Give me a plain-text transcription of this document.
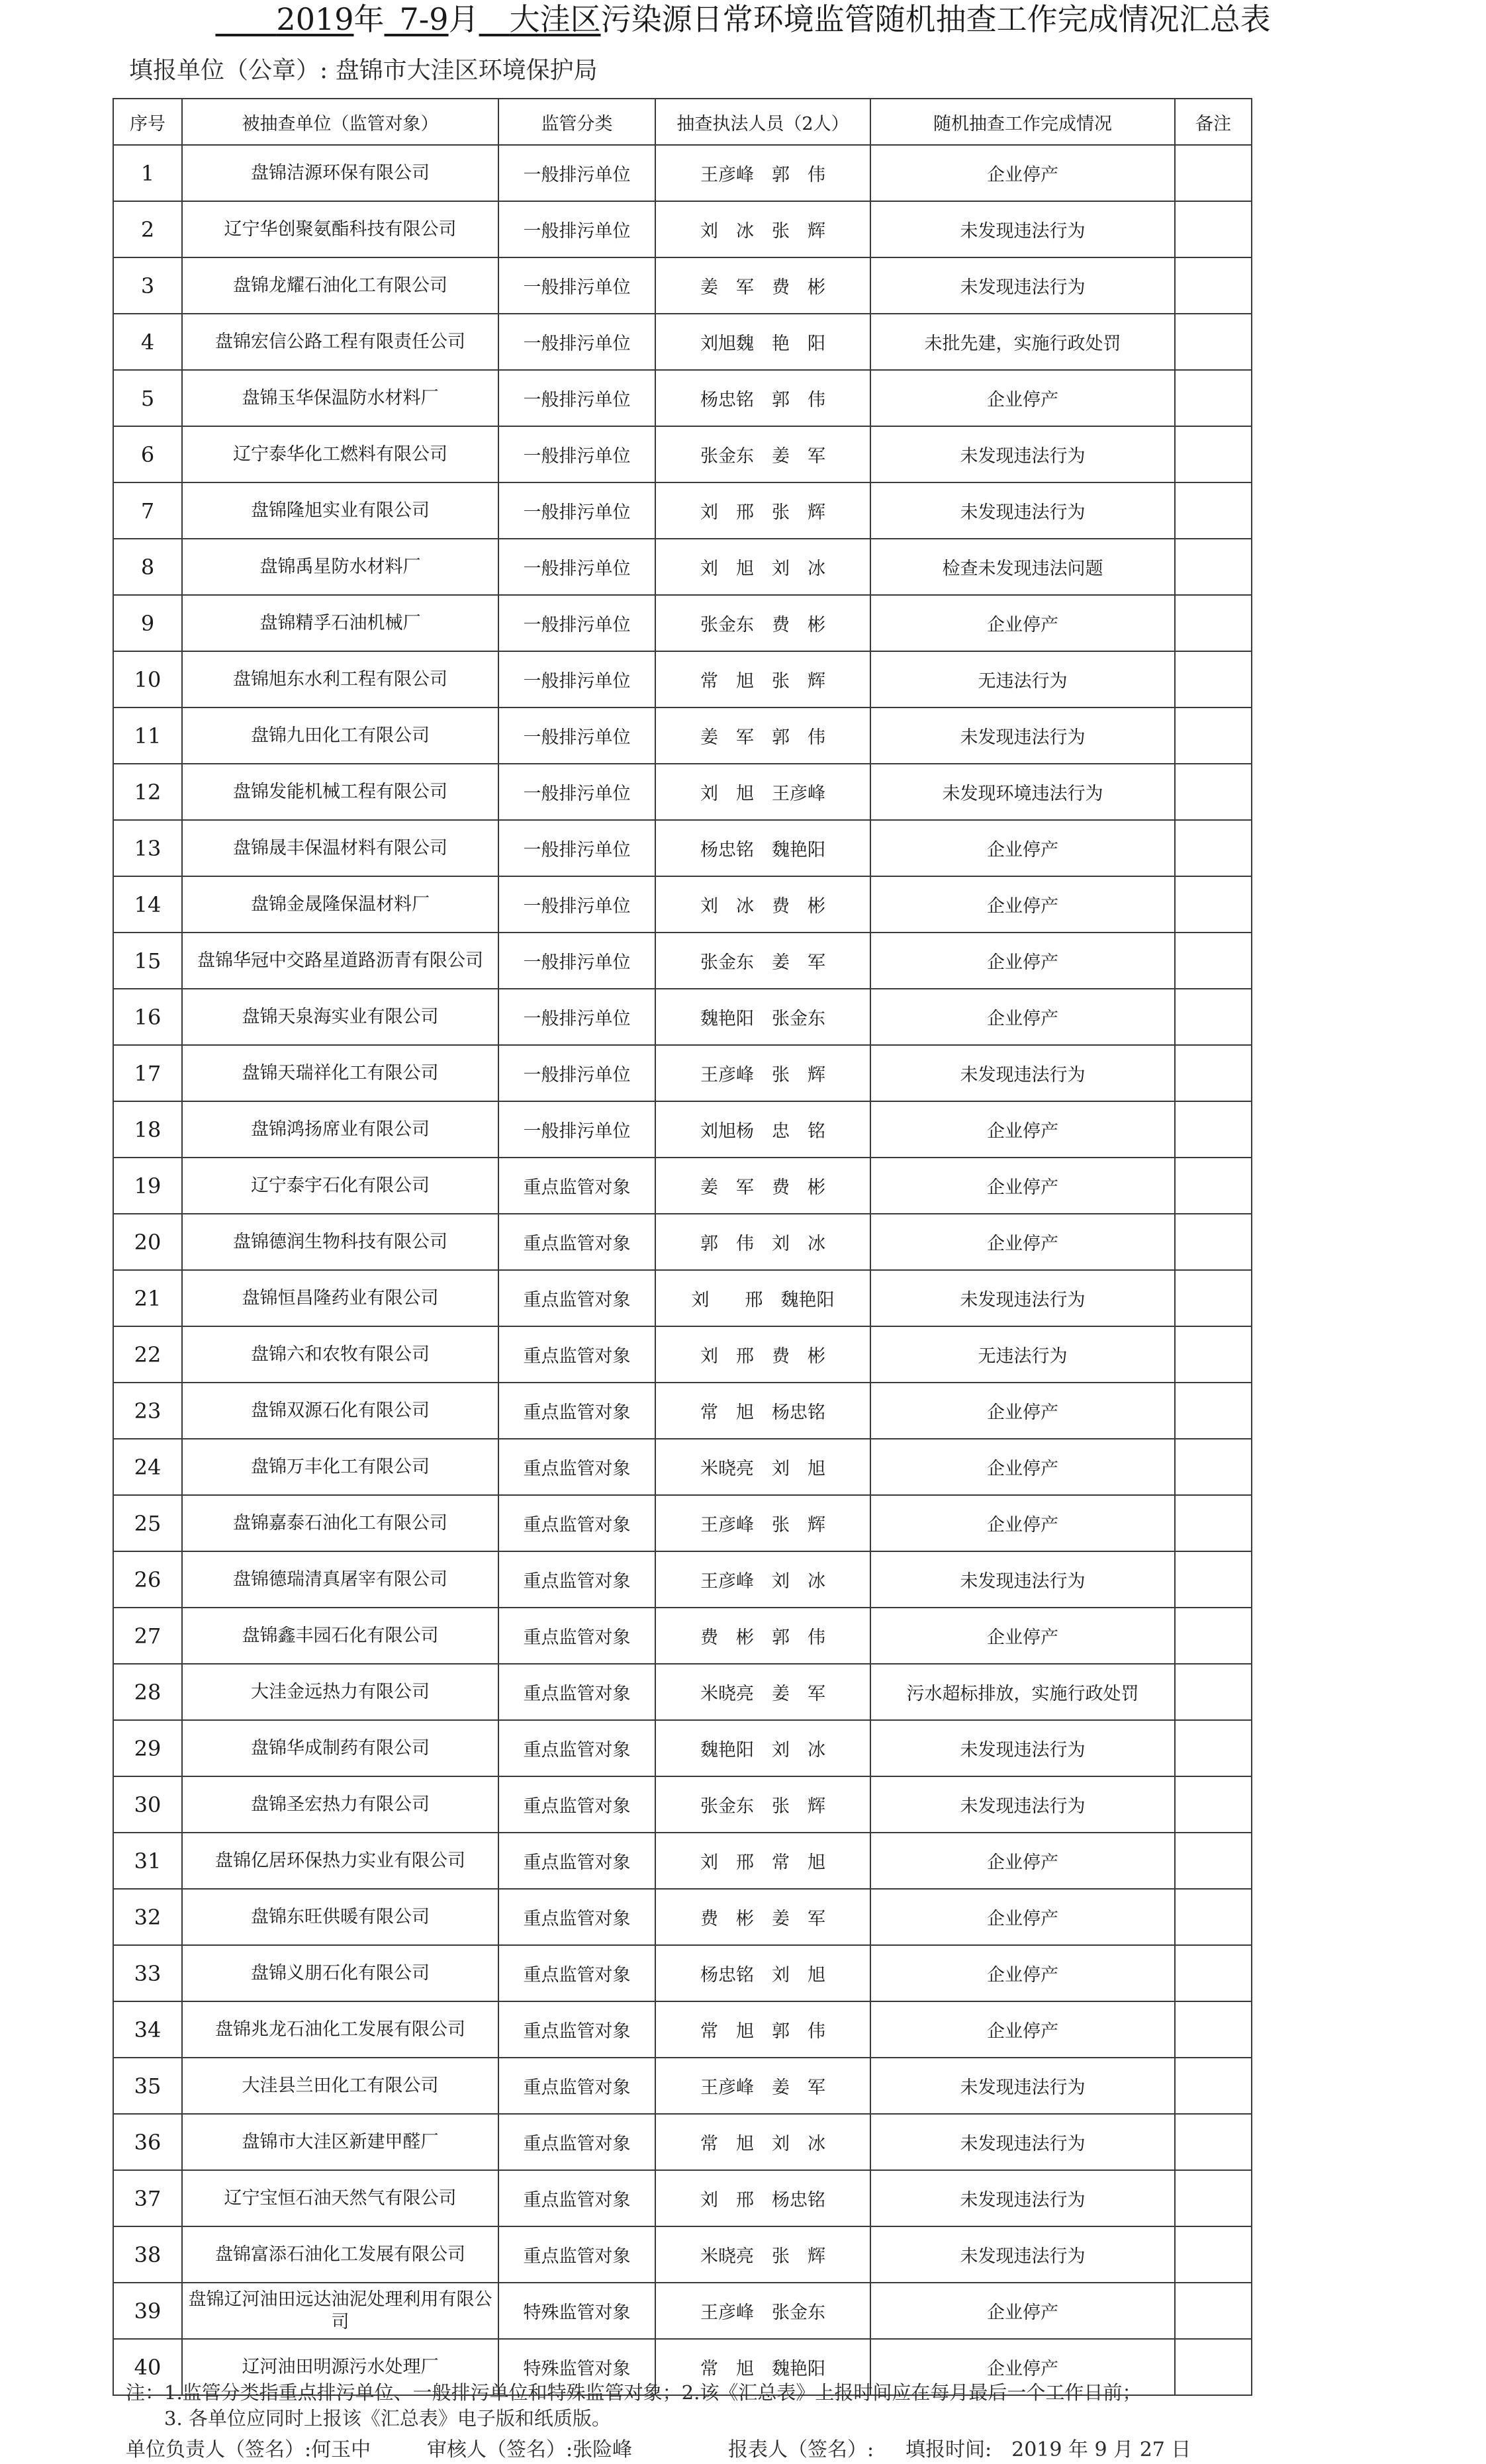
  2019年  7-9月  大洼区污染源日常环境监管随机抽查工作完成情况汇总表
填报单位（公章）: 盘锦市大洼区环境保护局
序号	被抽查单位（监管对象）	监管分类	抽查执法人员（2人）	随机抽查工作完成情况	备注
1	盘锦洁源环保有限公司	一般排污单位	王彦峰　郭　伟	企业停产	
2	辽宁华创聚氨酯科技有限公司	一般排污单位	刘　冰　张　辉	未发现违法行为	
3	盘锦龙耀石油化工有限公司	一般排污单位	姜　军　费　彬	未发现违法行为	
4	盘锦宏信公路工程有限责任公司	一般排污单位	刘旭魏　艳　阳	未批先建，实施行政处罚	
5	盘锦玉华保温防水材料厂	一般排污单位	杨忠铭　郭　伟	企业停产	
6	辽宁泰华化工燃料有限公司	一般排污单位	张金东　姜　军	未发现违法行为	
7	盘锦隆旭实业有限公司	一般排污单位	刘　邢　张　辉	未发现违法行为	
8	盘锦禹星防水材料厂	一般排污单位	刘　旭　刘　冰	检查未发现违法问题	
9	盘锦精孚石油机械厂	一般排污单位	张金东　费　彬	企业停产	
10	盘锦旭东水利工程有限公司	一般排污单位	常　旭　张　辉	无违法行为	
11	盘锦九田化工有限公司	一般排污单位	姜　军　郭　伟	未发现违法行为	
12	盘锦发能机械工程有限公司	一般排污单位	刘　旭　王彦峰	未发现环境违法行为	
13	盘锦晟丰保温材料有限公司	一般排污单位	杨忠铭　魏艳阳	企业停产	
14	盘锦金晟隆保温材料厂	一般排污单位	刘　冰　费　彬	企业停产	
15	盘锦华冠中交路星道路沥青有限公司	一般排污单位	张金东　姜　军	企业停产	
16	盘锦天泉海实业有限公司	一般排污单位	魏艳阳　张金东	企业停产	
17	盘锦天瑞祥化工有限公司	一般排污单位	王彦峰　张　辉	未发现违法行为	
18	盘锦鸿扬席业有限公司	一般排污单位	刘旭杨　忠　铭	企业停产	
19	辽宁泰宇石化有限公司	重点监管对象	姜　军　费　彬	企业停产	
20	盘锦德润生物科技有限公司	重点监管对象	郭　伟　刘　冰	企业停产	
21	盘锦恒昌隆药业有限公司	重点监管对象	刘　　邢　魏艳阳	未发现违法行为	
22	盘锦六和农牧有限公司	重点监管对象	刘　邢　费　彬	无违法行为	
23	盘锦双源石化有限公司	重点监管对象	常　旭　杨忠铭	企业停产	
24	盘锦万丰化工有限公司	重点监管对象	米晓亮　刘　旭	企业停产	
25	盘锦嘉泰石油化工有限公司	重点监管对象	王彦峰　张　辉	企业停产	
26	盘锦德瑞清真屠宰有限公司	重点监管对象	王彦峰　刘　冰	未发现违法行为	
27	盘锦鑫丰园石化有限公司	重点监管对象	费　彬　郭　伟	企业停产	
28	大洼金远热力有限公司	重点监管对象	米晓亮　姜　军	污水超标排放，实施行政处罚	
29	盘锦华成制药有限公司	重点监管对象	魏艳阳　刘　冰	未发现违法行为	
30	盘锦圣宏热力有限公司	重点监管对象	张金东　张　辉	未发现违法行为	
31	盘锦亿居环保热力实业有限公司	重点监管对象	刘　邢　常　旭	企业停产	
32	盘锦东旺供暖有限公司	重点监管对象	费　彬　姜　军	企业停产	
33	盘锦义朋石化有限公司	重点监管对象	杨忠铭　刘　旭	企业停产	
34	盘锦兆龙石油化工发展有限公司	重点监管对象	常　旭　郭　伟	企业停产	
35	大洼县兰田化工有限公司	重点监管对象	王彦峰　姜　军	未发现违法行为	
36	盘锦市大洼区新建甲醛厂	重点监管对象	常　旭　刘　冰	未发现违法行为	
37	辽宁宝恒石油天然气有限公司	重点监管对象	刘　邢　杨忠铭	未发现违法行为	
38	盘锦富添石油化工发展有限公司	重点监管对象	米晓亮　张　辉	未发现违法行为	
39	盘锦辽河油田远达油泥处理利用有限公司	特殊监管对象	王彦峰　张金东	企业停产	
40	辽河油田明源污水处理厂	特殊监管对象	常　旭　魏艳阳	企业停产	
注：1.监管分类指重点排污单位、一般排污单位和特殊监管对象；2.该《汇总表》上报时间应在每月最后一个工作日前；
　　3. 各单位应同时上报该《汇总表》电子版和纸质版。
单位负责人（签名）:何玉中	审核人（签名）:张险峰	报表人（签名）: 填报时间:  2019 年 9 月 27 日
